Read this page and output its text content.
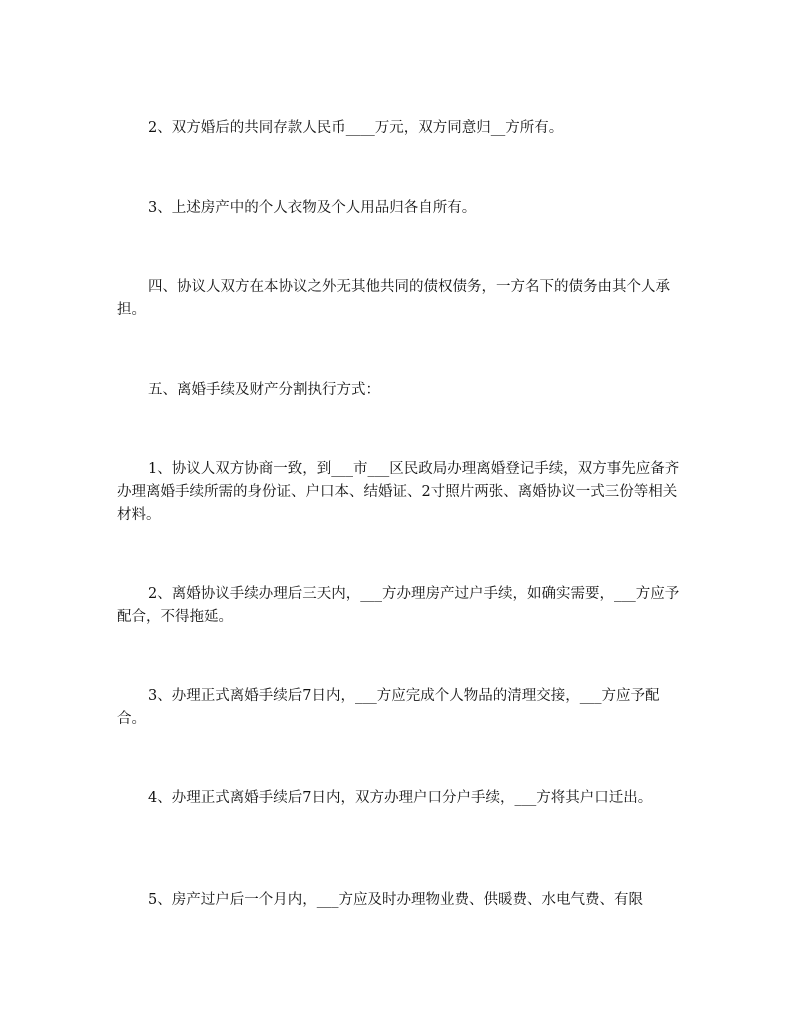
2、双方婚后的共同存款人民币____万元，双方同意归__方所有。

3、上述房产中的个人衣物及个人用品归各自所有。

四、协议人双方在本协议之外无其他共同的债权债务，一方名下的债务由其个人承担。

五、离婚手续及财产分割执行方式：

1、协议人双方协商一致，到___市___区民政局办理离婚登记手续，双方事先应备齐办理离婚手续所需的身份证、户口本、结婚证、2寸照片两张、离婚协议一式三份等相关材料。

2、离婚协议手续办理后三天内，___方办理房产过户手续，如确实需要，___方应予配合，不得拖延。

3、办理正式离婚手续后7日内，___方应完成个人物品的清理交接，___方应予配合。

4、办理正式离婚手续后7日内，双方办理户口分户手续，___方将其户口迁出。

5、房产过户后一个月内，___方应及时办理物业费、供暖费、水电气费、有限
